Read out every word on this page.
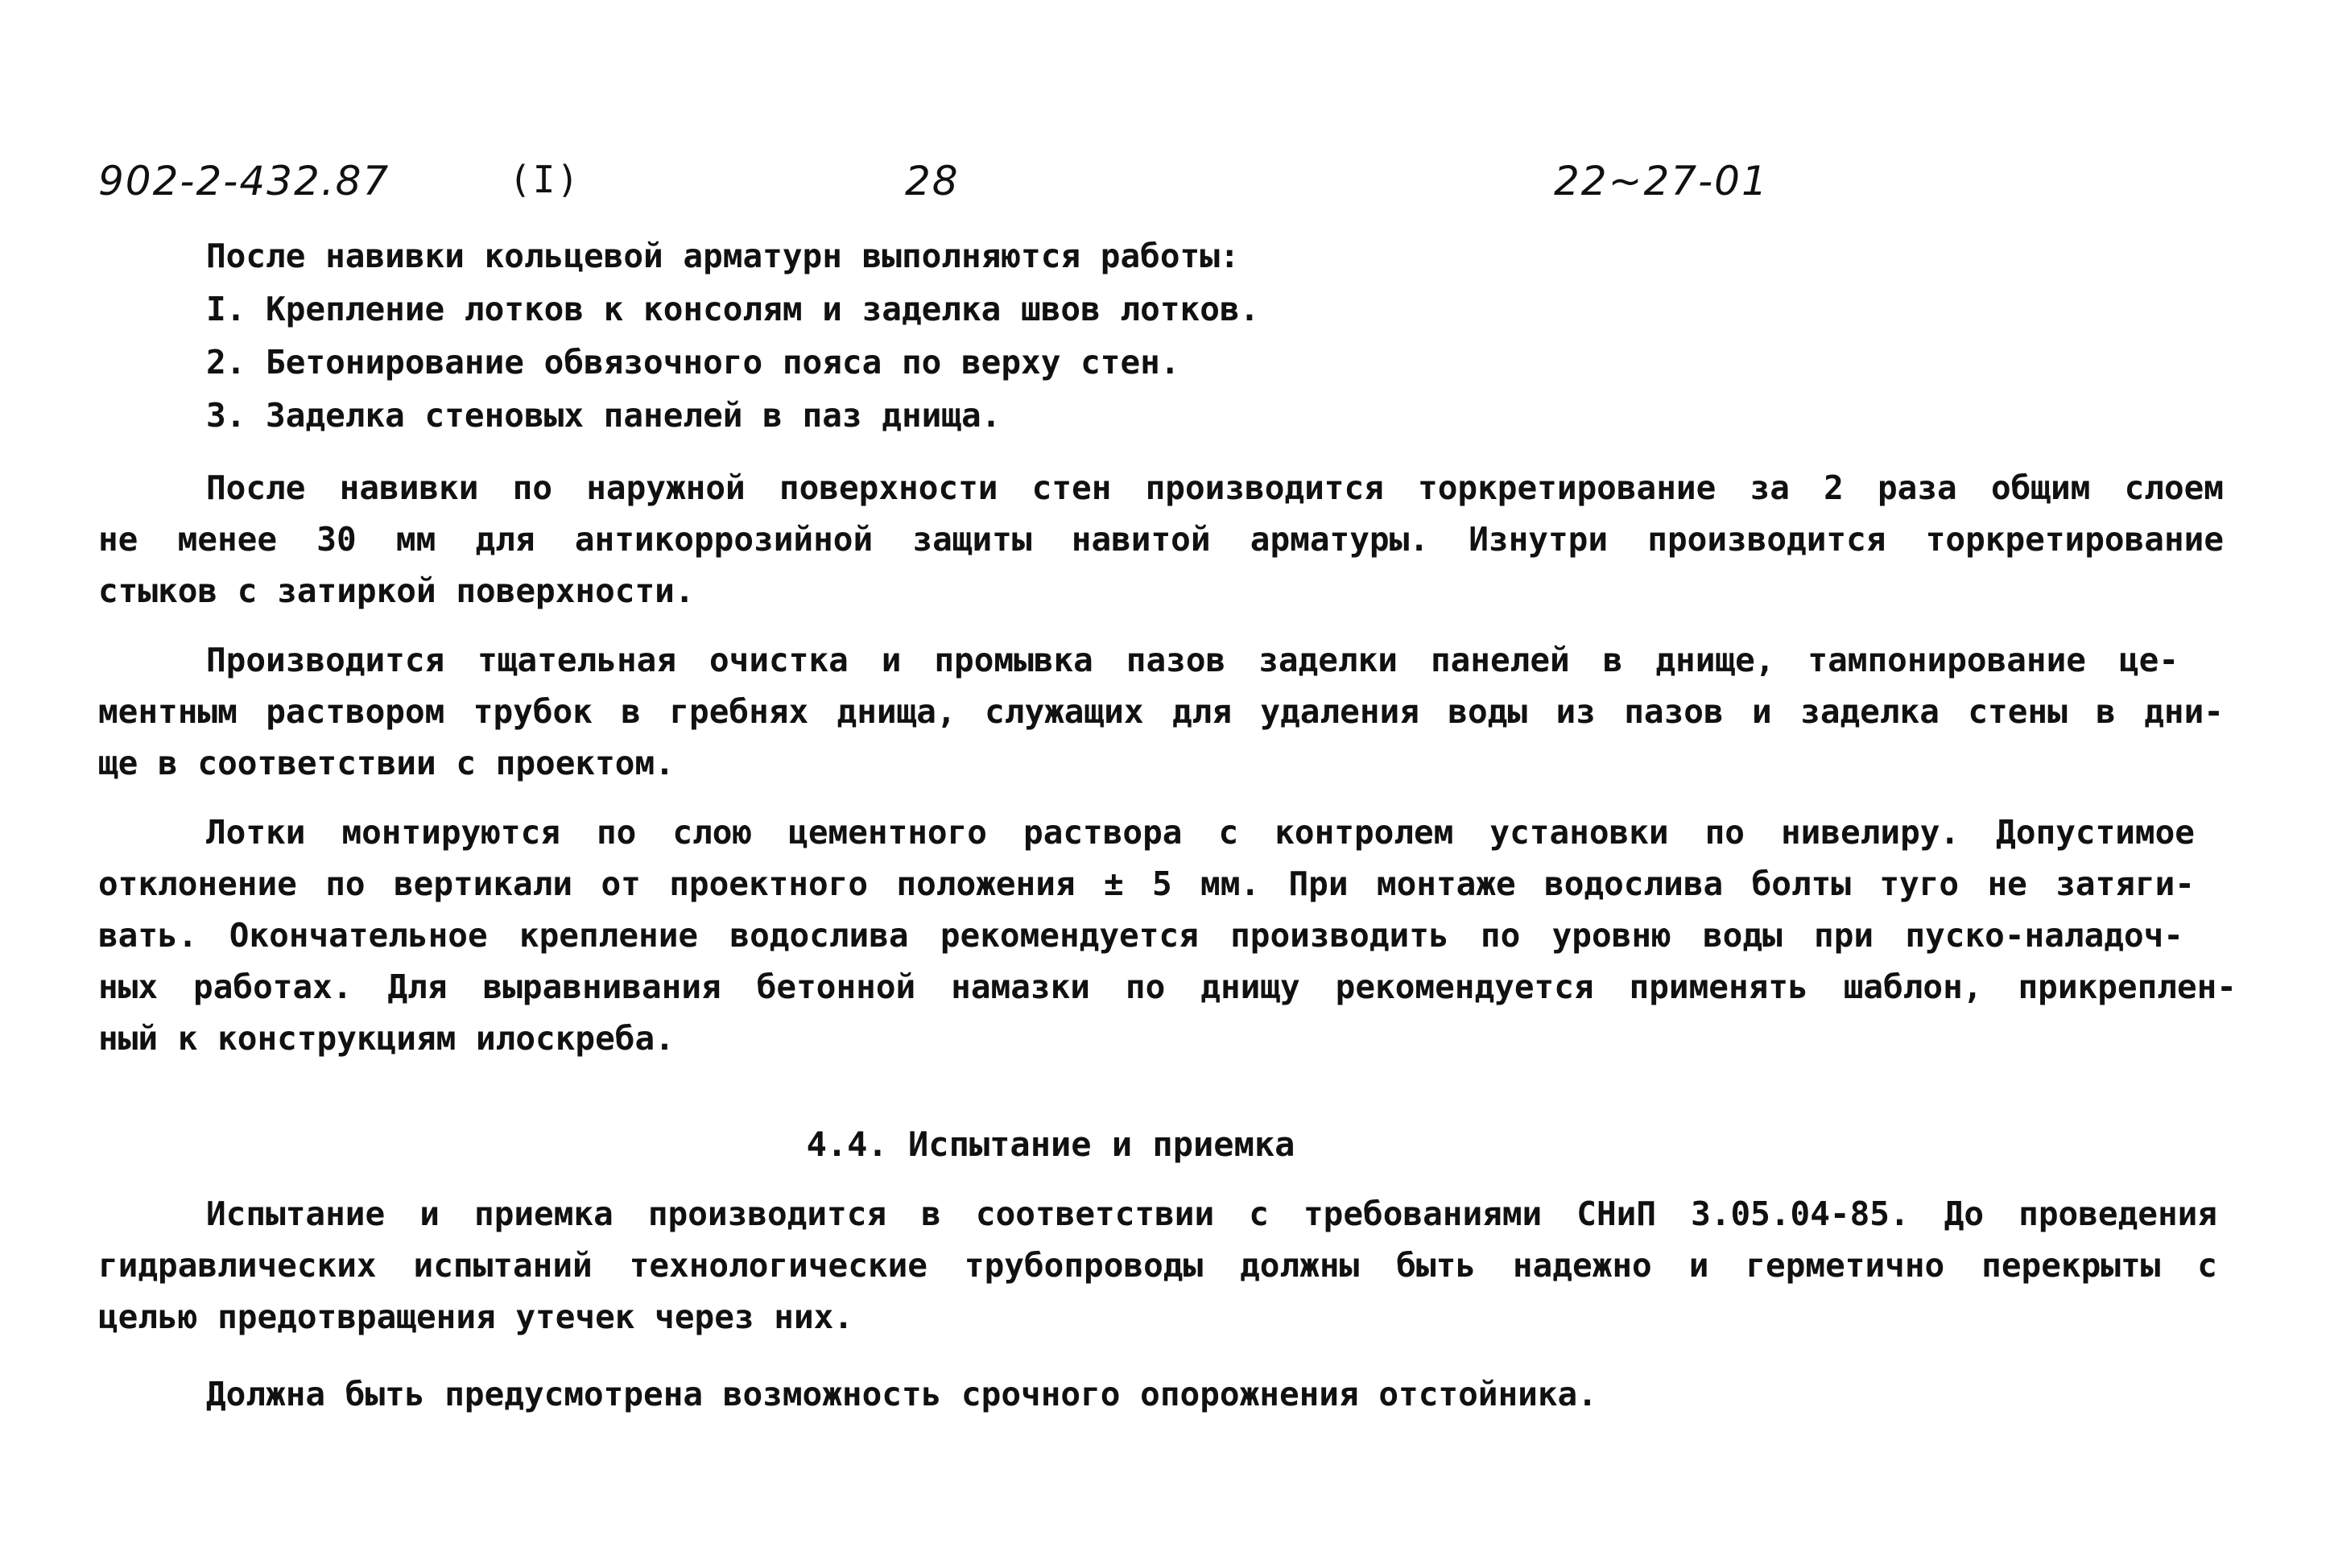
902-2-432.87	(I)	28	22~27-01
После навивки кольцевой арматурн выполняются работы:
I. Крепление лотков к консолям и заделка швов лотков.
2. Бетонирование обвязочного пояса по верху стен.
3. Заделка стеновых панелей в паз днища.
После навивки по наружной поверхности стен производится торкретирование за 2 раза общим слоем
не менее 30 мм для антикоррозийной защиты навитой арматуры. Изнутри производится торкретирование
стыков с затиркой поверхности.
Производится тщательная очистка и промывка пазов заделки панелей в днище, тампонирование це-
ментным раствором трубок в гребнях днища, служащих для удаления воды из пазов и заделка стены в дни-
ще в соответствии с проектом.
Лотки монтируются по слою цементного раствора с контролем установки по нивелиру. Допустимое
отклонение по вертикали от проектного положения ± 5 мм. При монтаже водослива болты туго не затяги-
вать. Окончательное крепление водослива рекомендуется производить по уровню воды при пуско-наладоч-
ных работах. Для выравнивания бетонной намазки по днищу рекомендуется применять шаблон, прикреплен-
ный к конструкциям илоскреба.
4.4. Испытание и приемка
Испытание и приемка производится в соответствии с требованиями СНиП 3.05.04-85. До проведения
гидравлических испытаний технологические трубопроводы должны быть надежно и герметично перекрыты с
целью предотвращения утечек через них.
Должна быть предусмотрена возможность срочного опорожнения отстойника.
